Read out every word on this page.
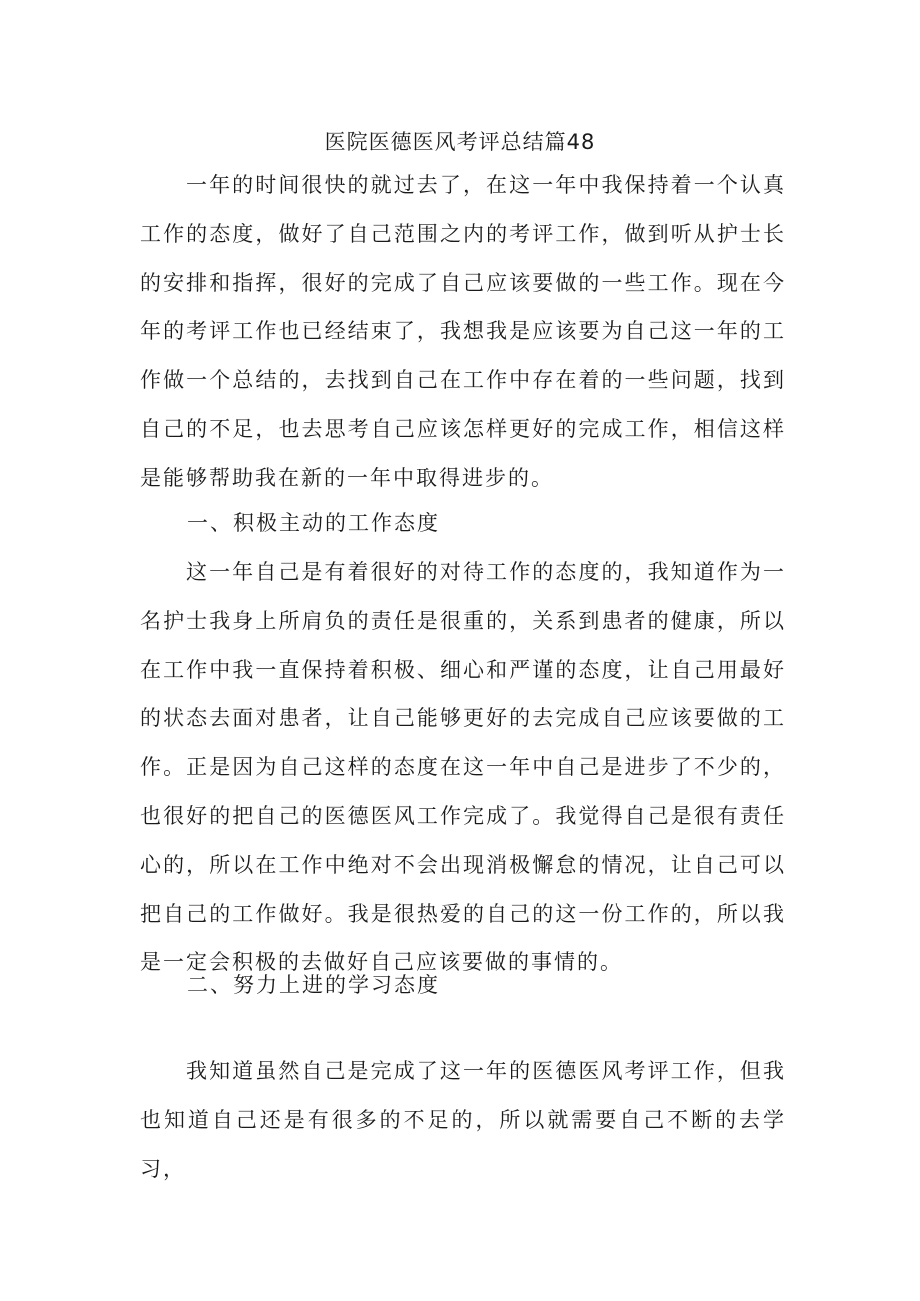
医院医德医风考评总结篇48

一年的时间很快的就过去了，在这一年中我保持着一个认真工作的态度，做好了自己范围之内的考评工作，做到听从护士长的安排和指挥，很好的完成了自己应该要做的一些工作。现在今年的考评工作也已经结束了，我想我是应该要为自己这一年的工作做一个总结的，去找到自己在工作中存在着的一些问题，找到自己的不足，也去思考自己应该怎样更好的完成工作，相信这样是能够帮助我在新的一年中取得进步的。

一、积极主动的工作态度

这一年自己是有着很好的对待工作的态度的，我知道作为一名护士我身上所肩负的责任是很重的，关系到患者的健康，所以在工作中我一直保持着积极、细心和严谨的态度，让自己用最好的状态去面对患者，让自己能够更好的去完成自己应该要做的工作。正是因为自己这样的态度在这一年中自己是进步了不少的，也很好的把自己的医德医风工作完成了。我觉得自己是很有责任心的，所以在工作中绝对不会出现消极懈怠的情况，让自己可以把自己的工作做好。我是很热爱的自己的这一份工作的，所以我是一定会积极的去做好自己应该要做的事情的。

二、努力上进的学习态度

我知道虽然自己是完成了这一年的医德医风考评工作，但我也知道自己还是有很多的不足的，所以就需要自己不断的去学习，
